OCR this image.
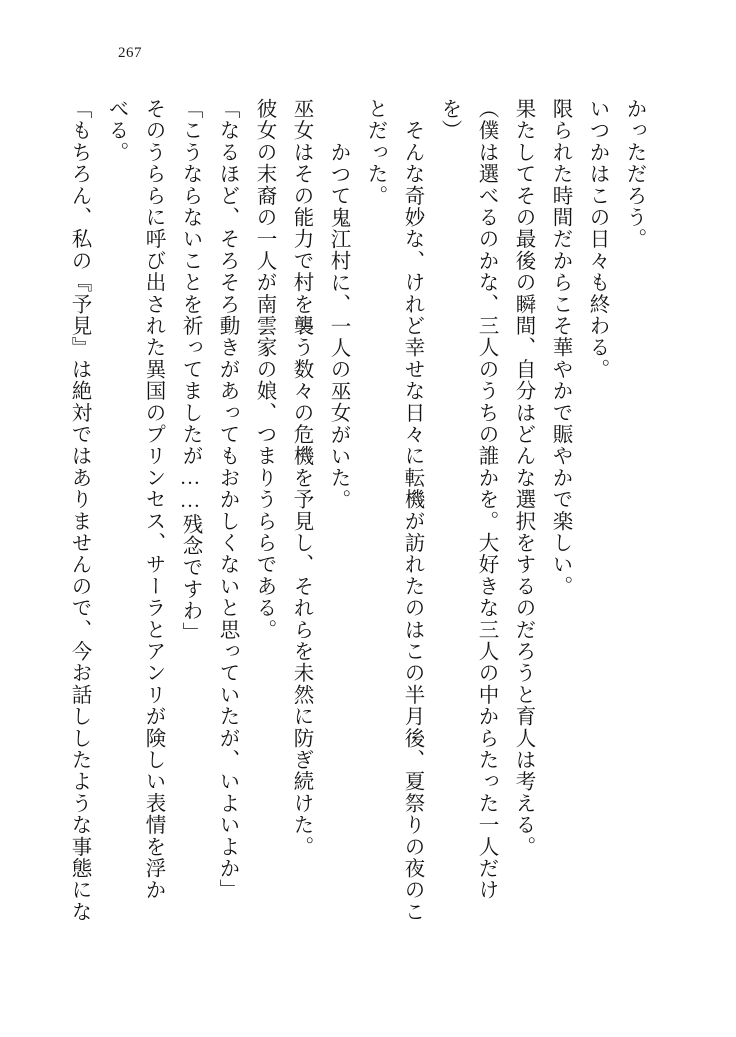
267
かっただろう。
いつかはこの日々も終わる。
限られた時間だからこそ華やかで賑やかで楽しい。
果たしてその最後の瞬間、自分はどんな選択をするのだろうと育人は考える。
（僕は選べるのかな、三人のうちの誰かを。大好きな三人の中からたった一人だけ
を）
　そんな奇妙な、けれど幸せな日々に転機が訪れたのはこの半月後、夏祭りの夜のこ
とだった。
　かつて鬼江村に、一人の巫女がいた。
巫女はその能力で村を襲う数々の危機を予見し、それらを未然に防ぎ続けた。
彼女の末裔の一人が南雲家の娘、つまりうららである。
「なるほど、そろそろ動きがあってもおかしくないと思っていたが、いよいよか」
「こうならないことを祈ってましたが……残念ですわ」
そのうららに呼び出された異国のプリンセス、サーラとアンリが険しい表情を浮か
べる。
「もちろん、私の『予見』は絶対ではありませんので、今お話ししたような事態にな
